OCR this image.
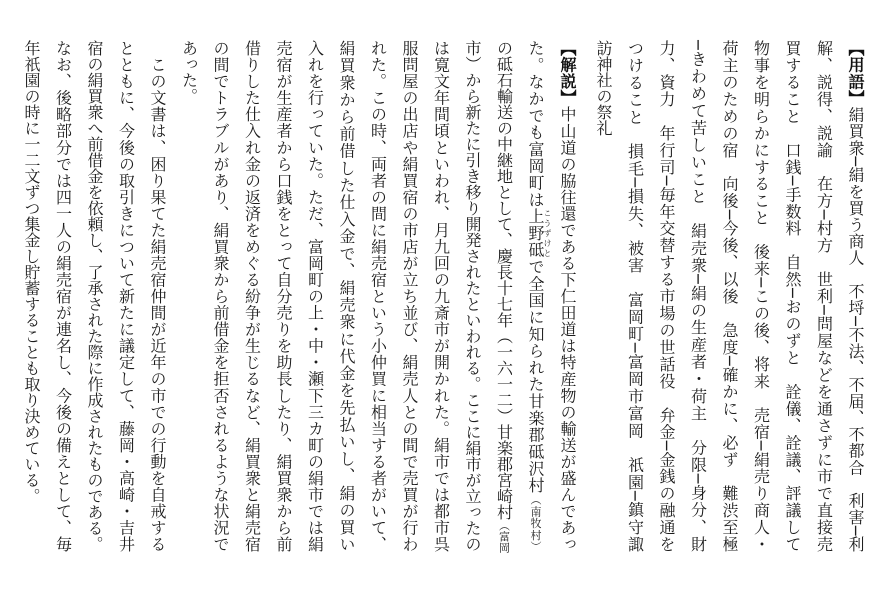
【用語】絹買衆─絹を買う商人　不埒─不法、不届、不都合　利害─利
解、説得、説諭　在方─村方　世利─問屋などを通さずに市で直接売
買すること　口銭─手数料　自然─おのずと　詮儀、詮議、評議して
物事を明らかにすること　後来─この後、将来　売宿─絹売り商人・
荷主のための宿　向後─今後、以後　急度─確かに、必ず　難渋至極
─きわめて苦しいこと　絹売衆─絹の生産者・荷主　分限─身分、財
力、資力　年行司─毎年交替する市場の世話役　弁金─金銭の融通を
つけること　損毛─損失、被害　富岡町─富岡市富岡　祇園─鎮守諏
訪神社の祭礼
【解説】中山道の脇往還である下仁田道は特産物の輸送が盛んであっ
た。なかでも富岡町は上野砥こうずけとで全国に知られた甘楽郡砥沢村（南牧村）
の砥石輸送の中継地として、慶長十七年（一六一二）甘楽郡宮崎村（富岡
市）から新たに引き移り開発されたといわれる。ここに絹市が立ったの
は寛文年間頃といわれ、月九回の九斎市が開かれた。絹市では都市呉
服問屋の出店や絹買宿の市店が立ち並び、絹売人との間で売買が行わ
れた。この時、両者の間に絹売宿という小仲買に相当する者がいて、
絹買衆から前借した仕入金で、絹売衆に代金を先払いし、絹の買い
入れを行っていた。ただ、富岡町の上・中・瀬下三カ町の絹市では絹
売宿が生産者から口銭をとって自分売りを助長したり、絹買衆から前
借りした仕入れ金の返済をめぐる紛争が生じるなど、絹買衆と絹売宿
の間でトラブルがあり、絹買衆から前借金を拒否されるような状況で
あった。
　この文書は、困り果てた絹売宿仲間が近年の市での行動を自戒する
とともに、今後の取引きについて新たに議定して、藤岡・高崎・吉井
宿の絹買衆へ前借金を依頼し、了承された際に作成されたものである。
なお、後略部分では四一人の絹売宿が連名し、今後の備えとして、毎
年祇園の時に一二文ずつ集金し貯蓄することも取り決めている。
